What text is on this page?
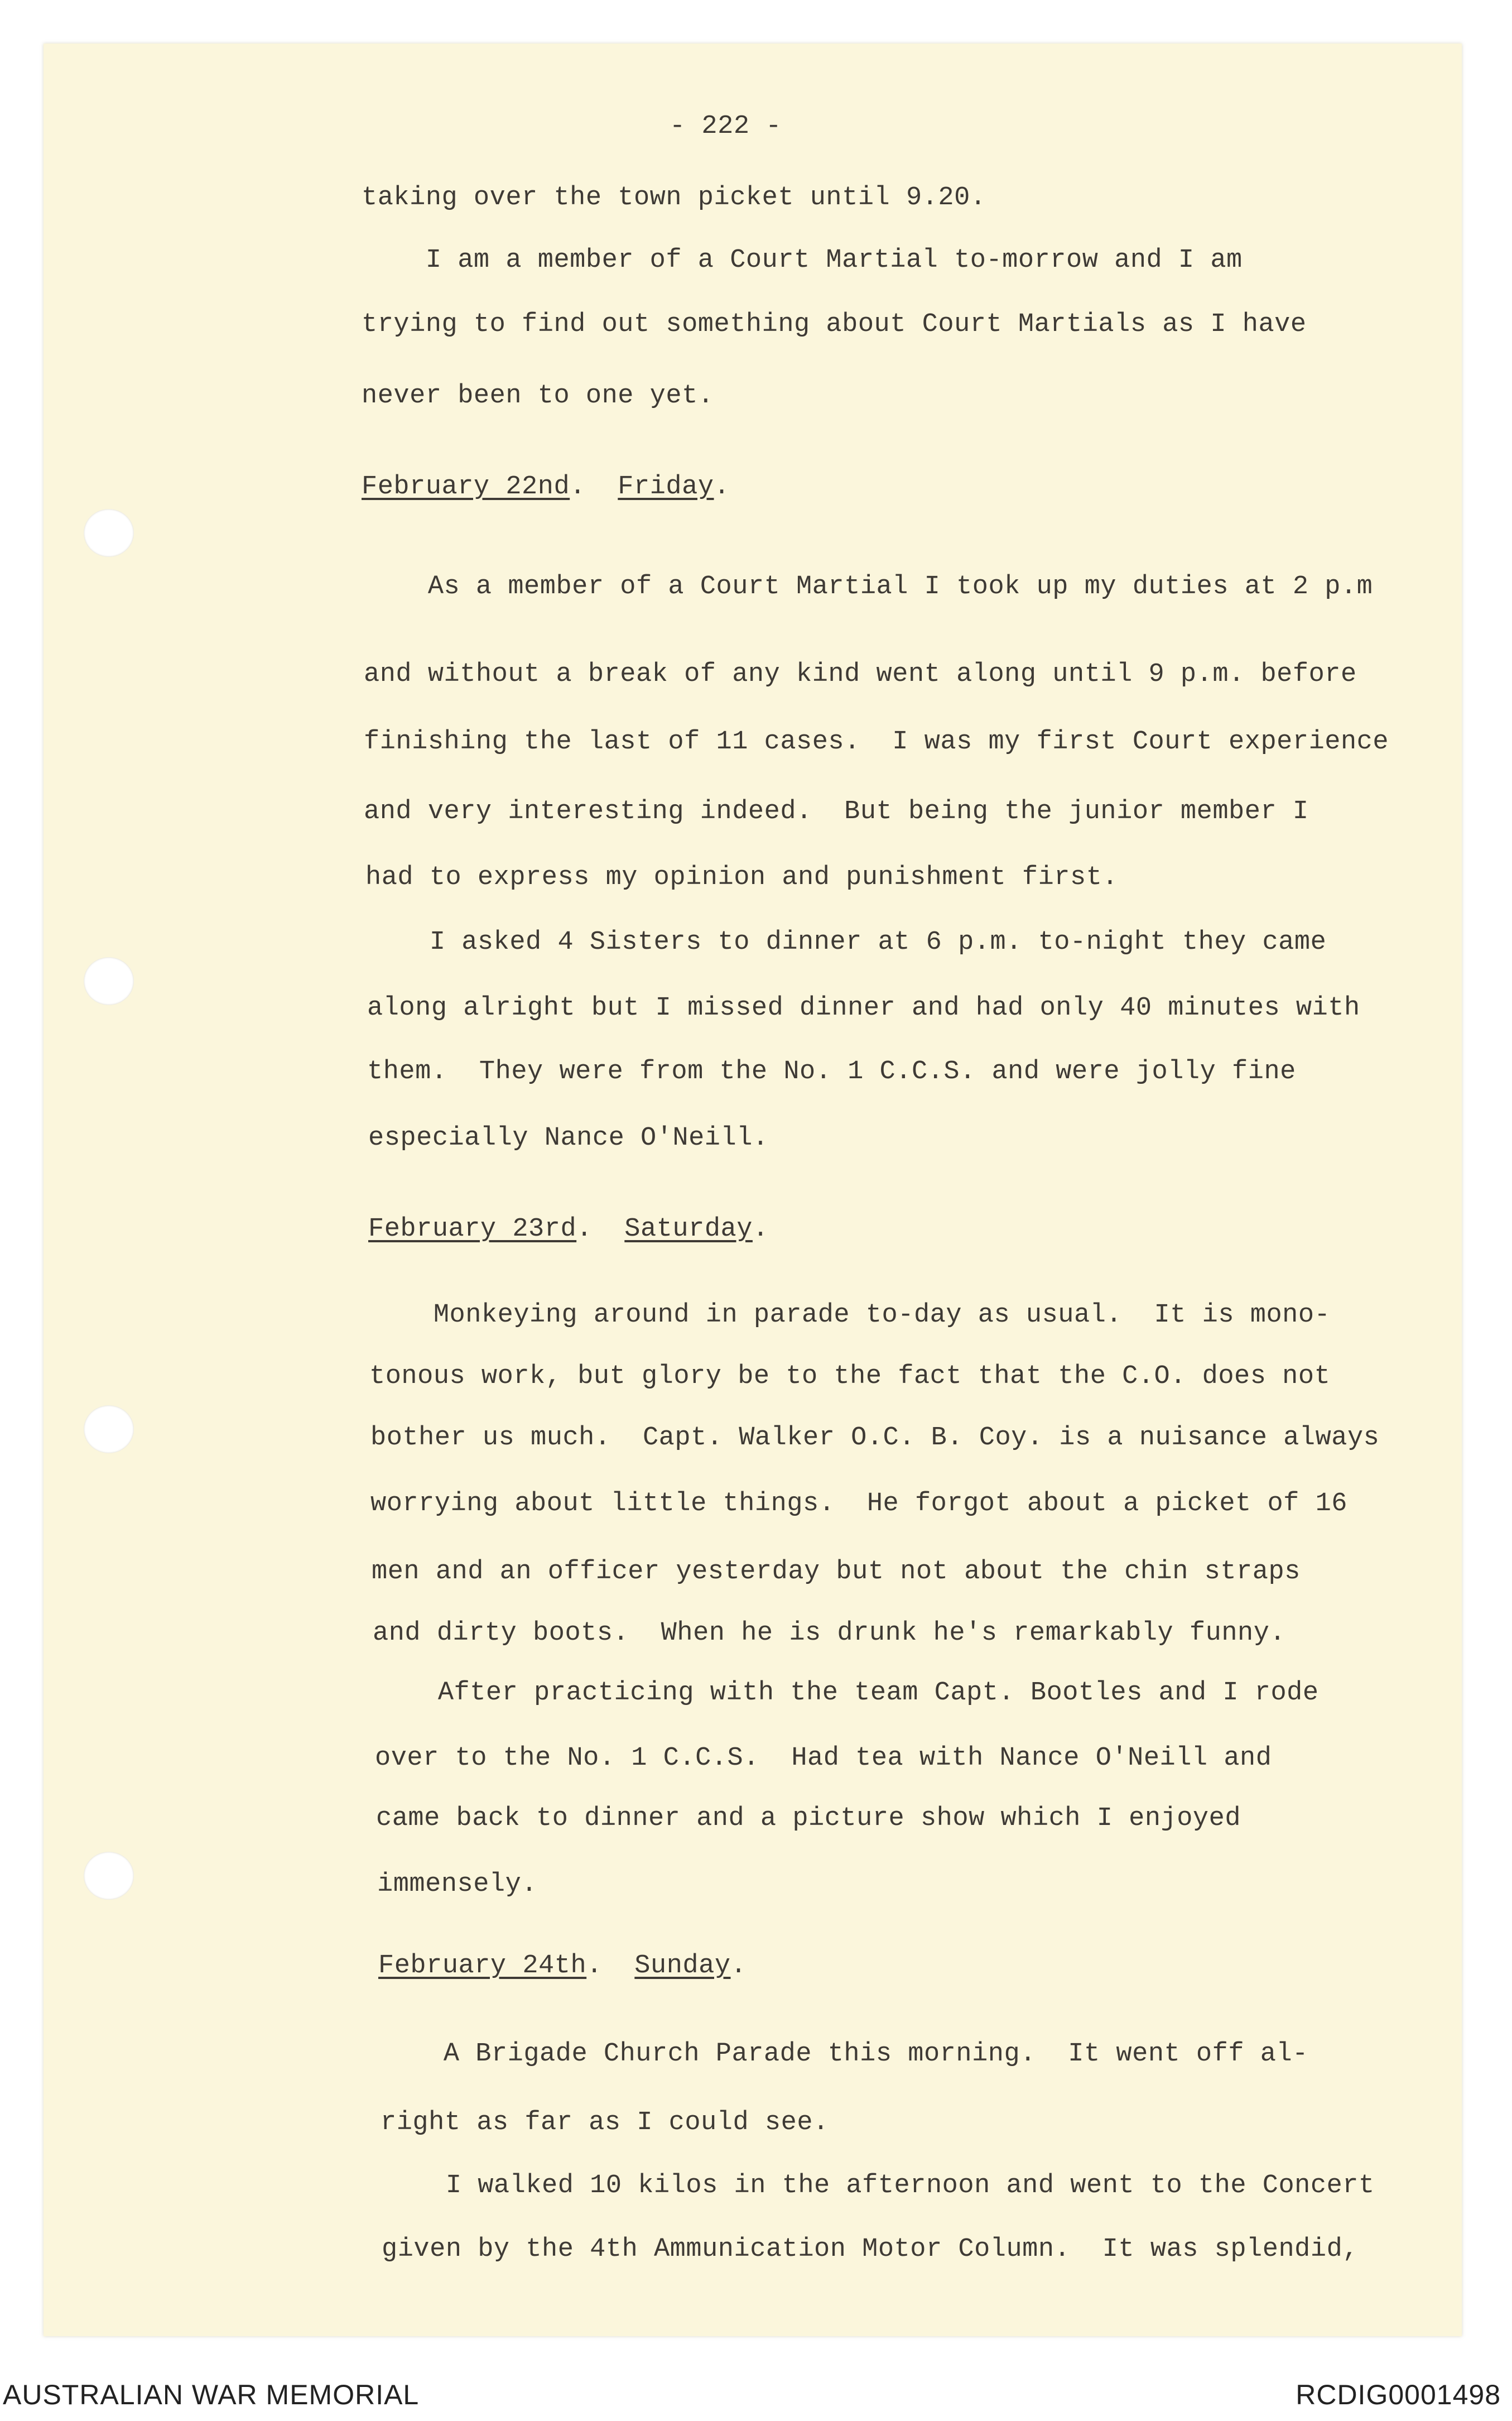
- 222 -
taking over the town picket until 9.20.
I am a member of a Court Martial to-morrow and I am
trying to find out something about Court Martials as I have
never been to one yet.
February 22nd.  Friday.
As a member of a Court Martial I took up my duties at 2 p.m
and without a break of any kind went along until 9 p.m. before
finishing the last of 11 cases.  I was my first Court experience
and very interesting indeed.  But being the junior member I
had to express my opinion and punishment first.
I asked 4 Sisters to dinner at 6 p.m. to-night they came
along alright but I missed dinner and had only 40 minutes with
them.  They were from the No. 1 C.C.S. and were jolly fine
especially Nance O'Neill.
February 23rd.  Saturday.
Monkeying around in parade to-day as usual.  It is mono-
tonous work, but glory be to the fact that the C.O. does not
bother us much.  Capt. Walker O.C. B. Coy. is a nuisance always
worrying about little things.  He forgot about a picket of 16
men and an officer yesterday but not about the chin straps
and dirty boots.  When he is drunk he's remarkably funny.
After practicing with the team Capt. Bootles and I rode
over to the No. 1 C.C.S.  Had tea with Nance O'Neill and
came back to dinner and a picture show which I enjoyed
immensely.
February 24th.  Sunday.
A Brigade Church Parade this morning.  It went off al-
right as far as I could see.
I walked 10 kilos in the afternoon and went to the Concert
given by the 4th Ammunication Motor Column.  It was splendid,
AUSTRALIAN WAR MEMORIAL	RCDIG0001498
